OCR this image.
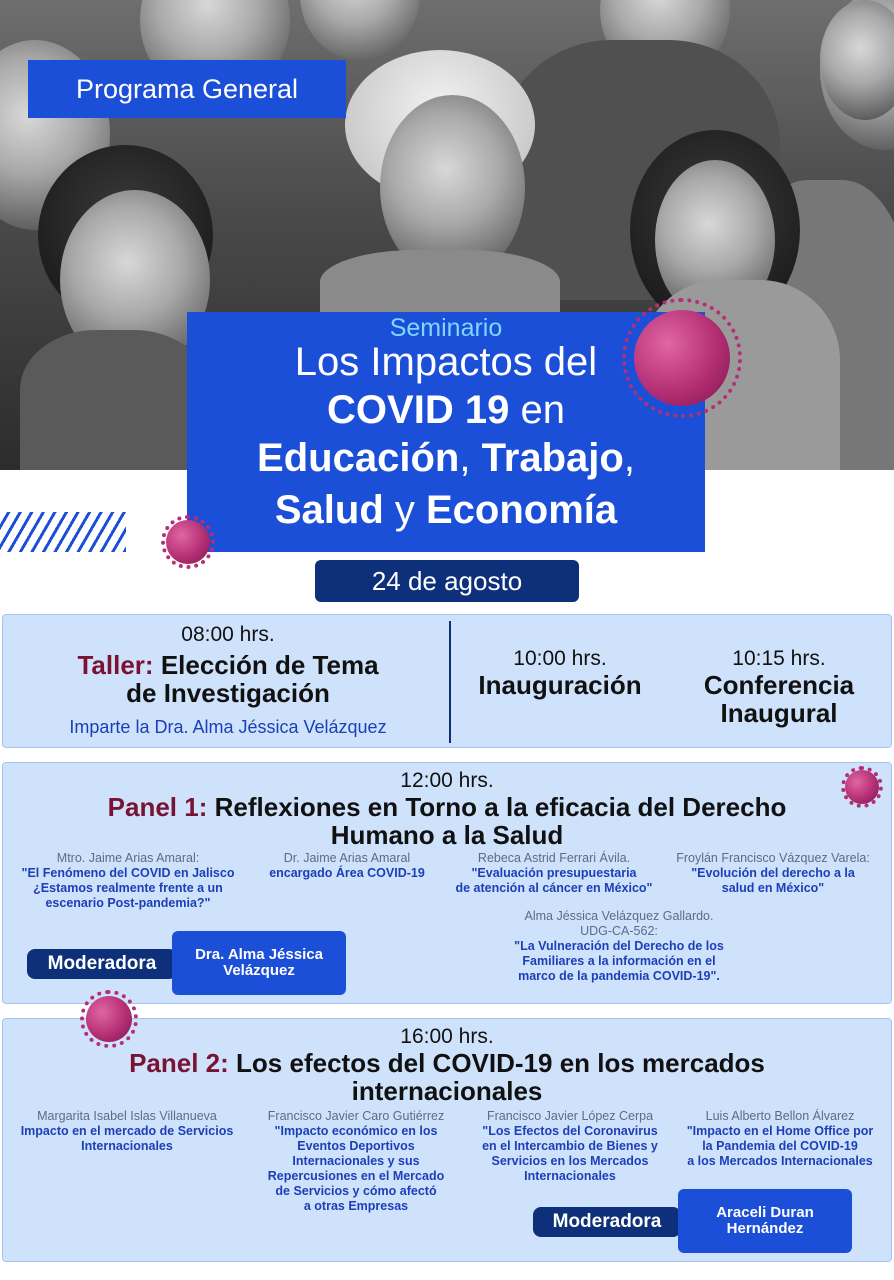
Programa General
Seminario
Los Impactos del
COVID 19 en
Educación, Trabajo,
Salud y Economía
24 de agosto
08:00 hrs.
Taller: Elección de Tema
de Investigación
Imparte la Dra. Alma Jéssica Velázquez
10:00 hrs.
Inauguración
10:15 hrs.
Conferencia
Inaugural
12:00 hrs.
Panel 1: Reflexiones en Torno a la eficacia del Derecho
Humano a la Salud
Mtro. Jaime Arias Amaral:
"El Fenómeno del COVID en Jalisco
¿Estamos realmente frente a un
escenario Post-pandemia?"
Dr. Jaime Arias Amaral
encargado Área COVID-19
Rebeca Astrid Ferrari Ávila.
"Evaluación presupuestaria
de atención al cáncer en México"
Froylán Francisco Vázquez Varela:
"Evolución del derecho a la
salud en México"
Alma Jéssica Velázquez Gallardo.
UDG-CA-562:
"La Vulneración del Derecho de los
Familiares a la información en el
marco de la pandemia COVID-19".
Moderadora	Dra. Alma Jéssica
Velázquez
16:00 hrs.
Panel 2: Los efectos del COVID-19 en los mercados
internacionales
Margarita Isabel Islas Villanueva
Impacto en el mercado de Servicios
Internacionales
Francisco Javier Caro Gutiérrez
"Impacto económico en los
Eventos Deportivos
Internacionales y sus
Repercusiones en el Mercado
de Servicios y cómo afectó
a otras Empresas
Francisco Javier López Cerpa
"Los Efectos del Coronavirus
en el Intercambio de Bienes y
Servicios en los Mercados
Internacionales
Luis Alberto Bellon Álvarez
"Impacto en el Home Office por
la Pandemia del COVID-19
a los Mercados Internacionales
Moderadora	Araceli Duran
Hernández
